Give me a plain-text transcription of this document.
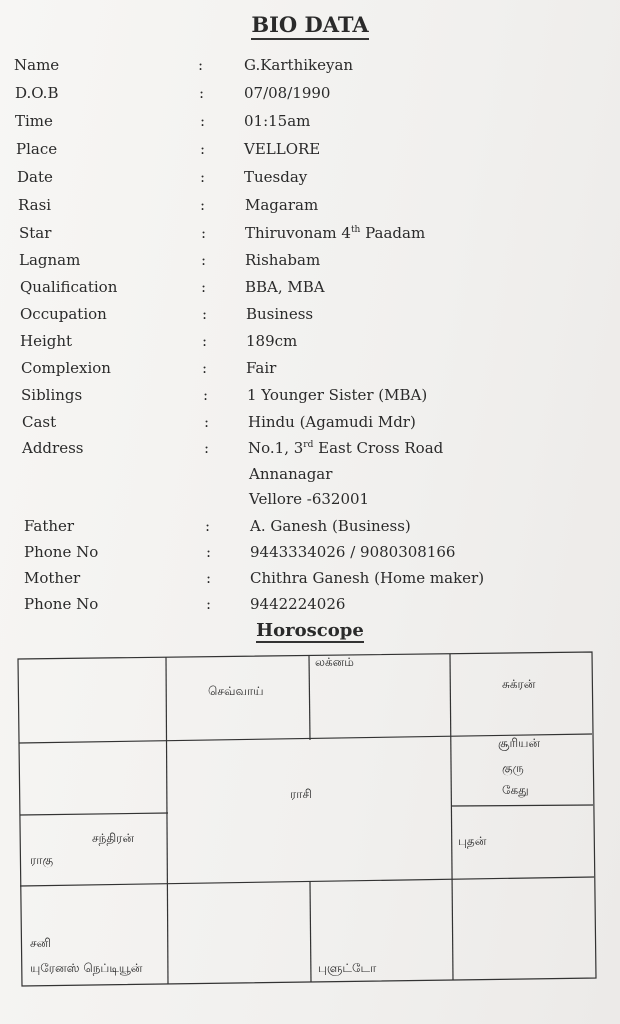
BIO DATA
Name	:	G.Karthikeyan
D.O.B	:	07/08/1990
Time	:	01:15am
Place	:	VELLORE
Date	:	Tuesday
Rasi	:	Magaram
Star	:	Thiruvonam 4th Paadam
Lagnam	:	Rishabam
Qualification	:	BBA, MBA
Occupation	:	Business
Height	:	189cm
Complexion	:	Fair
Siblings	:	1 Younger Sister (MBA)
Cast	:	Hindu (Agamudi Mdr)
Address	:	No.1, 3rd East Cross Road
Annanagar
Vellore -632001
Father	:	A. Ganesh (Business)
Phone No	:	9443334026 / 9080308166
Mother	:	Chithra Ganesh (Home maker)
Phone No	:	9442224026
Horoscope
செவ்வாய்
லக்னம்
சுக்ரன்
சூரியன்
குரு
கேது
ராசி
சந்திரன்
ராகு
புதன்
சனி
யுரேனஸ் நெப்டியூன்	புளுட்டோ
